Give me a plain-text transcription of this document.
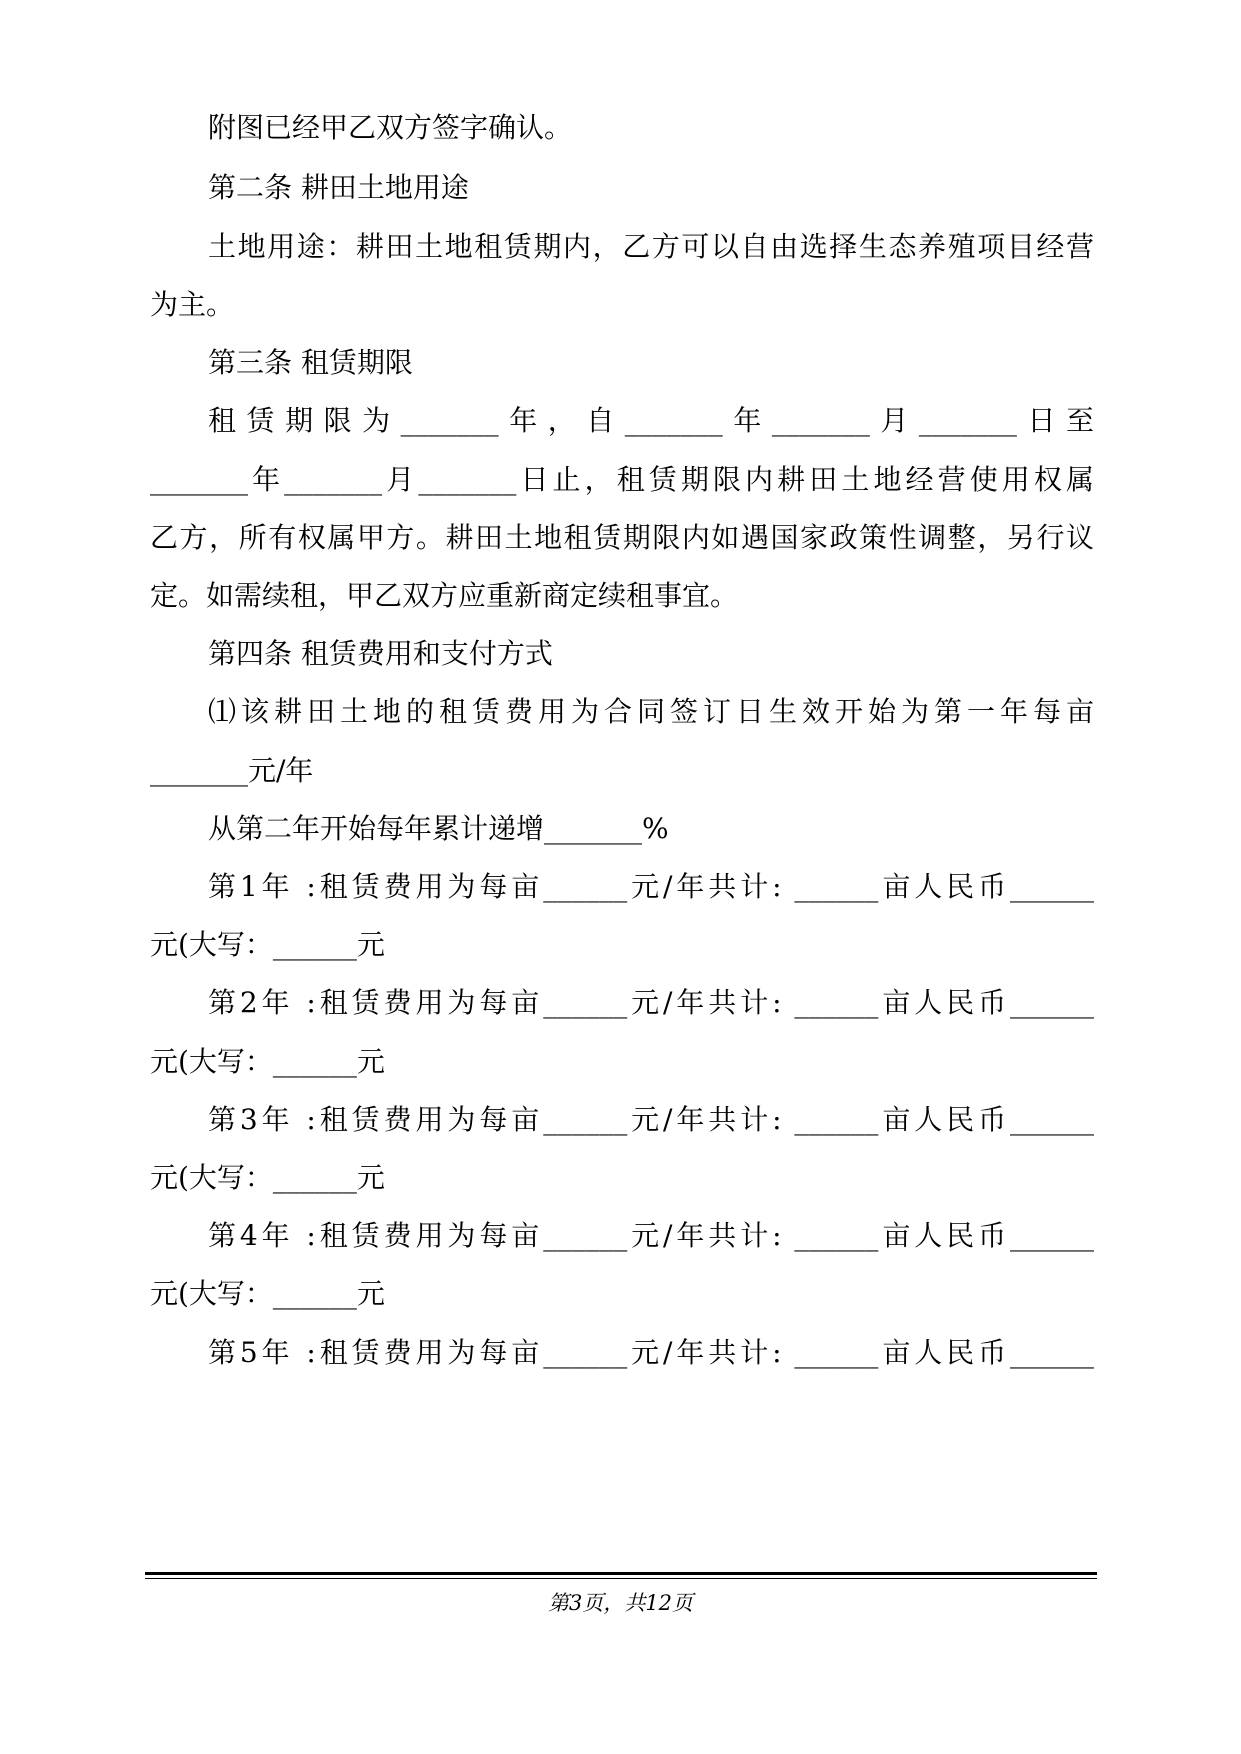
附图已经甲乙双方签字确认。
第二条 耕田土地用途
土地用途：耕田土地租赁期内，乙方可以自由选择生态养殖项目经营
为主。
第三条 租赁期限
租赁期限为_______年，自_______年_______月_______日至
_______年_______月_______日止，租赁期限内耕田土地经营使用权属
乙方，所有权属甲方。耕田土地租赁期限内如遇国家政策性调整，另行议
定。如需续租，甲乙双方应重新商定续租事宜。
第四条 租赁费用和支付方式
⑴该耕田土地的租赁费用为合同签订日生效开始为第一年每亩
_______元/年
从第二年开始每年累计递增_______%
第1年 :租赁费用为每亩______元/年共计: ______亩人民币______
元(大写：______元
第2年 :租赁费用为每亩______元/年共计: ______亩人民币______
元(大写：______元
第3年 :租赁费用为每亩______元/年共计: ______亩人民币______
元(大写：______元
第4年 :租赁费用为每亩______元/年共计: ______亩人民币______
元(大写：______元
第5年 :租赁费用为每亩______元/年共计: ______亩人民币______
第3页，共12页
